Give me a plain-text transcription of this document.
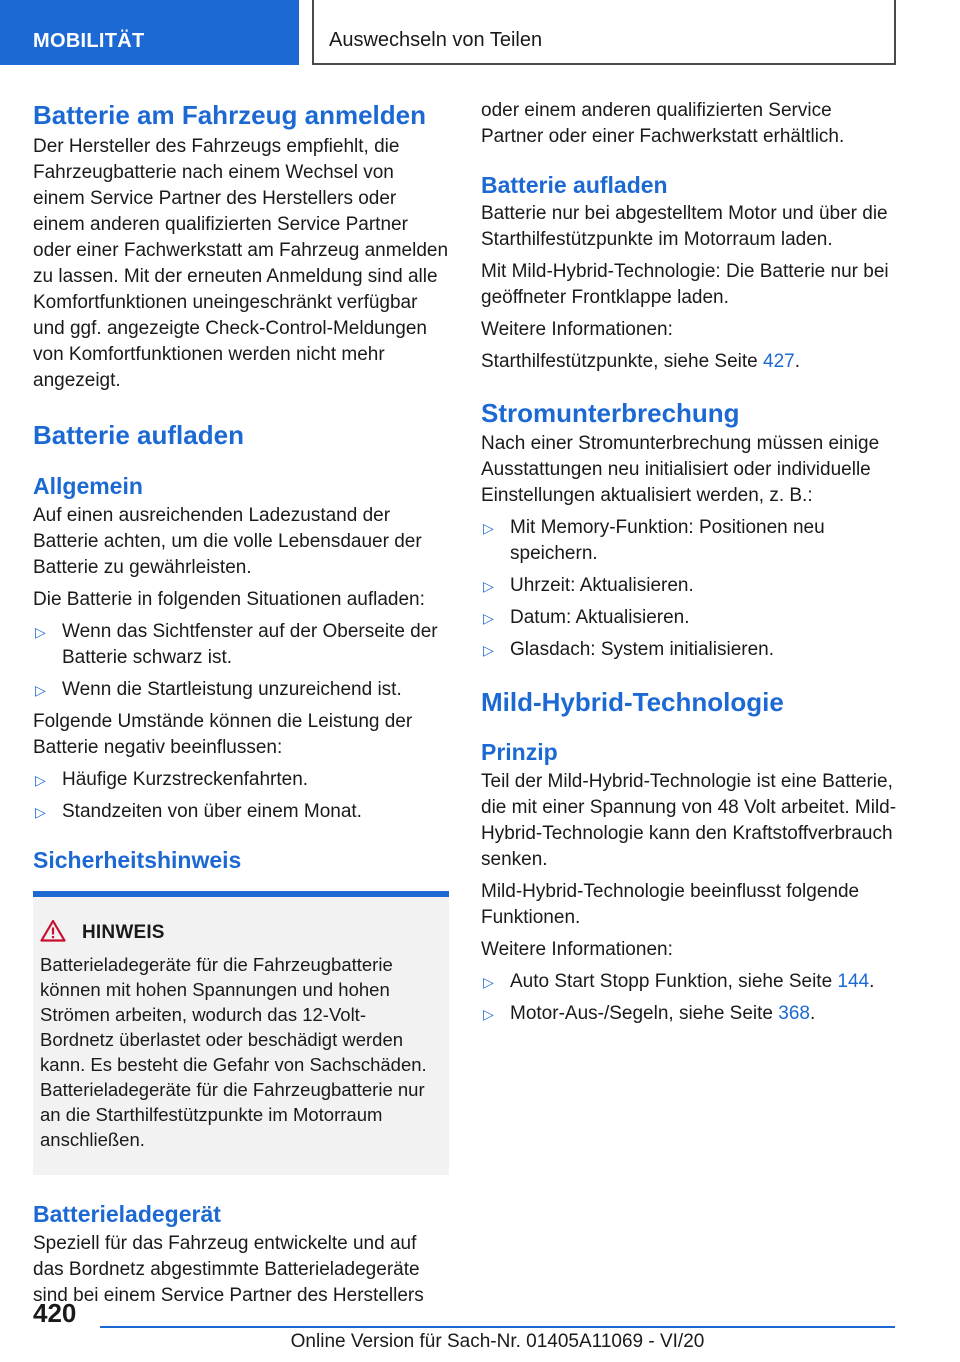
MOBILITÄT	Auswechseln von Teilen
Batterie am Fahrzeug anmelden

Der Hersteller des Fahrzeugs empfiehlt, die Fahrzeugbatterie nach einem Wechsel von einem Service Partner des Herstellers oder einem anderen qualifizierten Service Partner oder einer Fachwerkstatt am Fahrzeug anmelden zu lassen. Mit der erneuten Anmeldung sind alle Komfortfunktionen uneingeschränkt verfügbar und ggf. angezeigte Check-Control-Meldungen von Komfortfunktionen werden nicht mehr angezeigt.

Batterie aufladen
Allgemein

Auf einen ausreichenden Ladezustand der Batterie achten, um die volle Lebensdauer der Batterie zu gewährleisten.

Die Batterie in folgenden Situationen aufladen:

▷ Wenn das Sichtfenster auf der Oberseite der Batterie schwarz ist.
▷ Wenn die Startleistung unzureichend ist.

Folgende Umstände können die Leistung der Batterie negativ beeinflussen:

▷ Häufige Kurzstreckenfahrten.
▷ Standzeiten von über einem Monat.
Sicherheitshinweis
HINWEIS

Batterieladegeräte für die Fahrzeugbatterie können mit hohen Spannungen und hohen Strömen arbeiten, wodurch das 12-Volt-Bordnetz überlastet oder beschädigt werden kann. Es besteht die Gefahr von Sachschäden. Batterieladegeräte für die Fahrzeugbatterie nur an die Starthilfestützpunkte im Motorraum anschließen.

Batterieladegerät

Speziell für das Fahrzeug entwickelte und auf das Bordnetz abgestimmte Batterieladegeräte sind bei einem Service Partner des Herstellers

oder einem anderen qualifizierten Service Partner oder einer Fachwerkstatt erhältlich.

Batterie aufladen

Batterie nur bei abgestelltem Motor und über die Starthilfestützpunkte im Motorraum laden.

Mit Mild-Hybrid-Technologie: Die Batterie nur bei geöffneter Frontklappe laden.

Weitere Informationen:

Starthilfestützpunkte, siehe Seite 427.

Stromunterbrechung

Nach einer Stromunterbrechung müssen einige Ausstattungen neu initialisiert oder individuelle Einstellungen aktualisiert werden, z. B.:

▷ Mit Memory-Funktion: Positionen neu speichern.
▷ Uhrzeit: Aktualisieren.
▷ Datum: Aktualisieren.
▷ Glasdach: System initialisieren.
Mild-Hybrid-Technologie
Prinzip

Teil der Mild-Hybrid-Technologie ist eine Batterie, die mit einer Spannung von 48 Volt arbeitet. Mild-Hybrid-Technologie kann den Kraftstoffverbrauch senken.

Mild-Hybrid-Technologie beeinflusst folgende Funktionen.

Weitere Informationen:

▷ Auto Start Stopp Funktion, siehe Seite 144.
▷ Motor-Aus-/Segeln, siehe Seite 368.
420
Online Version für Sach-Nr. 01405A11069 - VI/20
